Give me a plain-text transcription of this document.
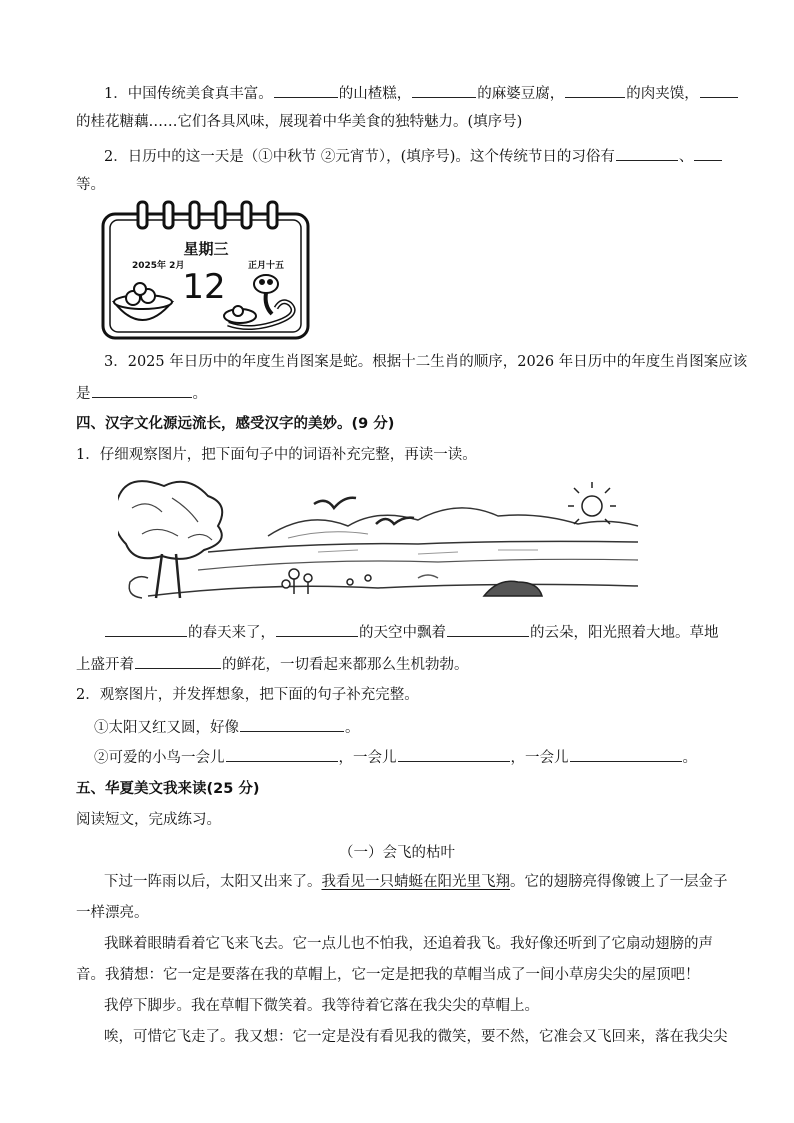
1．中国传统美食真丰富。	的山楂糕，	的麻婆豆腐，	的肉夹馍，
的桂花糖藕……它们各具风味，展现着中华美食的独特魅力。(填序号)
2．日历中的这一天是（①中秋节 ②元宵节），(填序号)。这个传统节日的习俗有	、
等。
星期三
2025年 2月	正月十五
12
3．2025 年日历中的年度生肖图案是蛇。根据十二生肖的顺序，2026 年日历中的年度生肖图案应该
是	。
四、汉字文化源远流长，感受汉字的美妙。(9 分)
1．仔细观察图片，把下面句子中的词语补充完整，再读一读。
的春天来了，	的天空中飘着	的云朵，阳光照着大地。草地
上盛开着	的鲜花，一切看起来都那么生机勃勃。
2．观察图片，并发挥想象，把下面的句子补充完整。
①太阳又红又圆，好像	。
②可爱的小鸟一会儿	，一会儿	，一会儿	。
五、华夏美文我来读(25 分)
阅读短文，完成练习。
（一）会飞的枯叶
下过一阵雨以后，太阳又出来了。我看见一只蜻蜓在阳光里飞翔。它的翅膀亮得像镀上了一层金子
一样漂亮。
我眯着眼睛看着它飞来飞去。它一点儿也不怕我，还追着我飞。我好像还听到了它扇动翅膀的声
音。我猜想：它一定是要落在我的草帽上，它一定是把我的草帽当成了一间小草房尖尖的屋顶吧！
我停下脚步。我在草帽下微笑着。我等待着它落在我尖尖的草帽上。
唉，可惜它飞走了。我又想：它一定是没有看见我的微笑，要不然，它准会又飞回来，落在我尖尖
